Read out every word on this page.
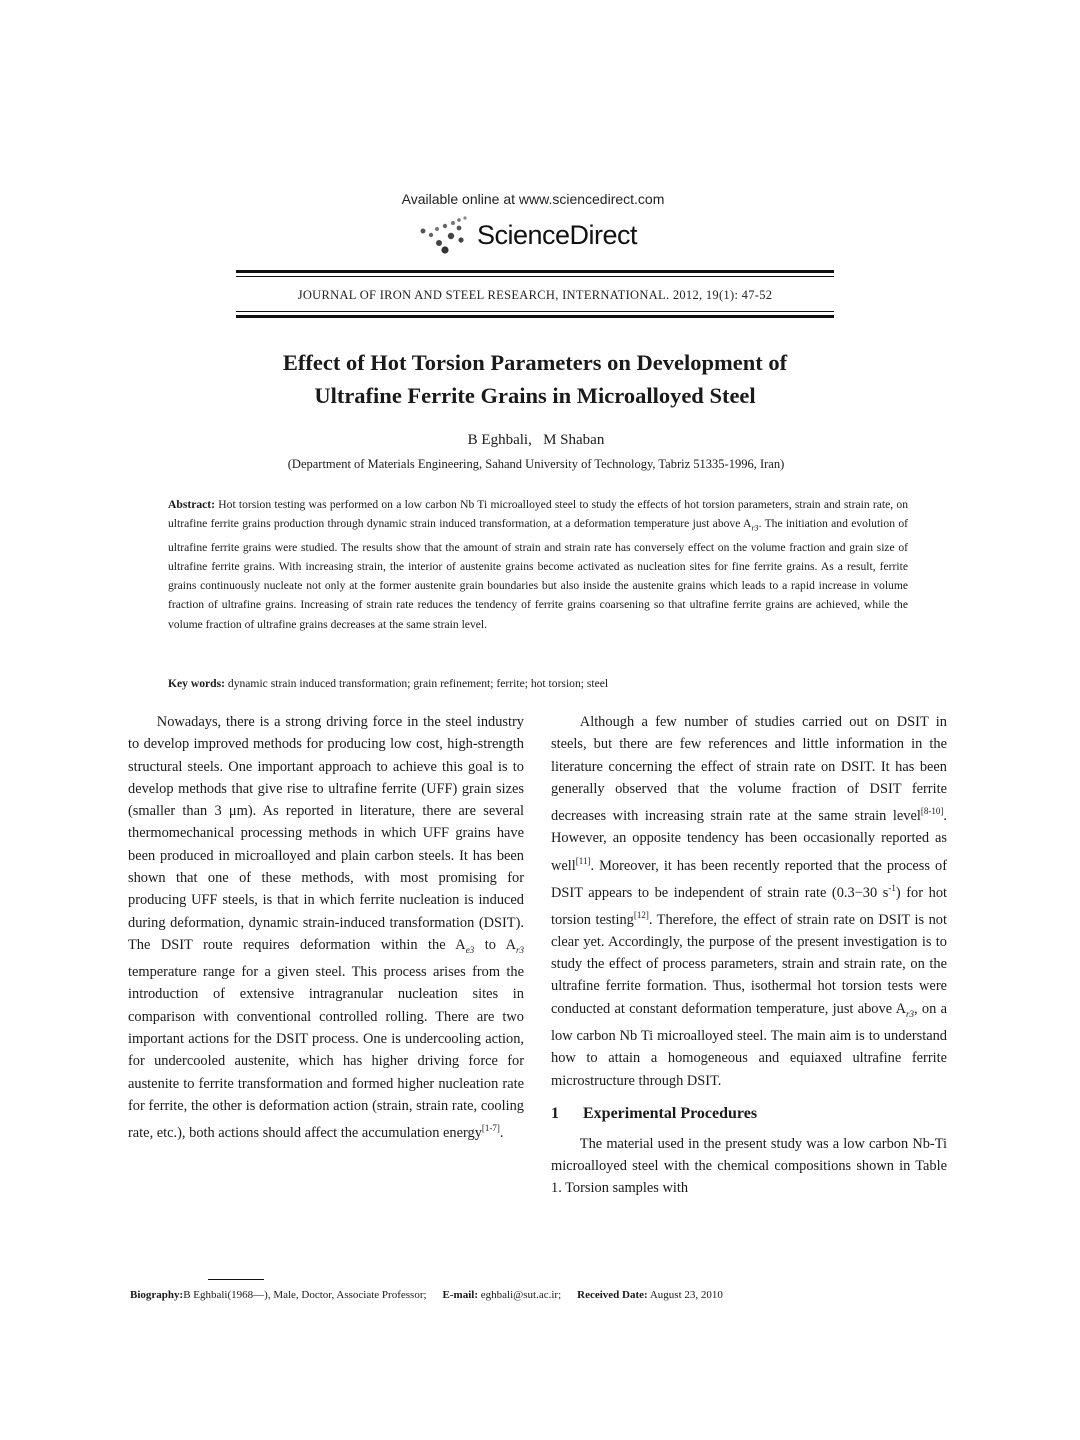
Available online at www.sciencedirect.com
ScienceDirect
JOURNAL OF IRON AND STEEL RESEARCH, INTERNATIONAL. 2012, 19(1): 47-52
Effect of Hot Torsion Parameters on Development of
Ultrafine Ferrite Grains in Microalloyed Steel
B Eghbali,   M Shaban
(Department of Materials Engineering, Sahand University of Technology, Tabriz 51335-1996, Iran)

Abstract: Hot torsion testing was performed on a low carbon Nb Ti microalloyed steel to study the effects of hot torsion parameters, strain and strain rate, on ultrafine ferrite grains production through dynamic strain induced transformation, at a deformation temperature just above $A_{r3}$. The initiation and evolution of ultrafine ferrite grains were studied. The results show that the amount of strain and strain rate has conversely effect on the volume fraction and grain size of ultrafine ferrite grains. With increasing strain, the interior of austenite grains become activated as nucleation sites for fine ferrite grains. As a result, ferrite grains continuously nucleate not only at the former austenite grain boundaries but also inside the austenite grains which leads to a rapid increase in volume fraction of ultrafine grains. Increasing of strain rate reduces the tendency of ferrite grains coarsening so that ultrafine ferrite grains are achieved, while the volume fraction of ultrafine grains decreases at the same strain level.

Key words: dynamic strain induced transformation; grain refinement; ferrite; hot torsion; steel

Nowadays, there is a strong driving force in the steel industry to develop improved methods for producing low cost, high-strength structural steels. One important approach to achieve this goal is to develop methods that give rise to ultrafine ferrite (UFF) grain sizes (smaller than 3 μm). As reported in literature, there are several thermomechanical processing methods in which UFF grains have been produced in microalloyed and plain carbon steels. It has been shown that one of these methods, with most promising for producing UFF steels, is that in which ferrite nucleation is induced during deformation, dynamic strain-induced transformation (DSIT). The DSIT route requires deformation within the $A_{e3}$ to $A_{r3}$ temperature range for a given steel. This process arises from the introduction of extensive intragranular nucleation sites in comparison with conventional controlled rolling. There are two important actions for the DSIT process. One is undercooling action, for undercooled austenite, which has higher driving force for austenite to ferrite transformation and formed higher nucleation rate for ferrite, the other is deformation action (strain, strain rate, cooling rate, etc.), both actions should affect the accumulation energy[1-7].

Although a few number of studies carried out on DSIT in steels, but there are few references and little information in the literature concerning the effect of strain rate on DSIT. It has been generally observed that the volume fraction of DSIT ferrite decreases with increasing strain rate at the same strain level[8-10]. However, an opposite tendency has been occasionally reported as well[11]. Moreover, it has been recently reported that the process of DSIT appears to be independent of strain rate (0.3−30 $s^{-1}$) for hot torsion testing[12]. Therefore, the effect of strain rate on DSIT is not clear yet. Accordingly, the purpose of the present investigation is to study the effect of process parameters, strain and strain rate, on the ultrafine ferrite formation. Thus, isothermal hot torsion tests were conducted at constant deformation temperature, just above $A_{r3}$, on a low carbon Nb Ti microalloyed steel. The main aim is to understand how to attain a homogeneous and equiaxed ultrafine ferrite microstructure through DSIT.

1 Experimental Procedures

The material used in the present study was a low carbon Nb-Ti microalloyed steel with the chemical compositions shown in Table 1. Torsion samples with

Biography:B Eghbali(1968—), Male, Doctor, Associate Professor; E-mail: eghbali@sut.ac.ir; Received Date: August 23, 2010
